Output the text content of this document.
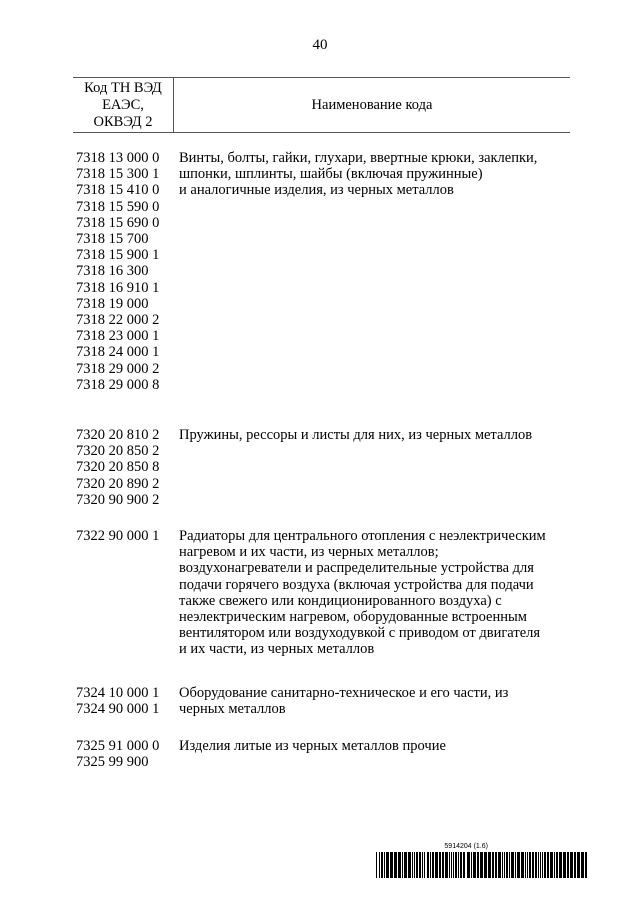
40
Код ТН ВЭД
ЕАЭС,
ОКВЭД 2
Наименование кода
7318 13 000 0
7318 15 300 1
7318 15 410 0
7318 15 590 0
7318 15 690 0
7318 15 700
7318 15 900 1
7318 16 300
7318 16 910 1
7318 19 000
7318 22 000 2
7318 23 000 1
7318 24 000 1
7318 29 000 2
7318 29 000 8
Винты, болты, гайки, глухари, ввертные крюки, заклепки,
шпонки, шплинты, шайбы (включая пружинные)
и аналогичные изделия, из черных металлов
7320 20 810 2
7320 20 850 2
7320 20 850 8
7320 20 890 2
7320 90 900 2
Пружины, рессоры и листы для них, из черных металлов
7322 90 000 1	Радиаторы для центрального отопления с неэлектрическим
нагревом и их части, из черных металлов;
воздухонагреватели и распределительные устройства для
подачи горячего воздуха (включая устройства для подачи
также свежего или кондиционированного воздуха) с
неэлектрическим нагревом, оборудованные встроенным
вентилятором или воздуходувкой с приводом от двигателя
и их части, из черных металлов
7324 10 000 1
7324 90 000 1
Оборудование санитарно-техническое и его части, из
черных металлов
7325 91 000 0
7325 99 900
Изделия литые из черных металлов прочие
5914204 (1.6)
